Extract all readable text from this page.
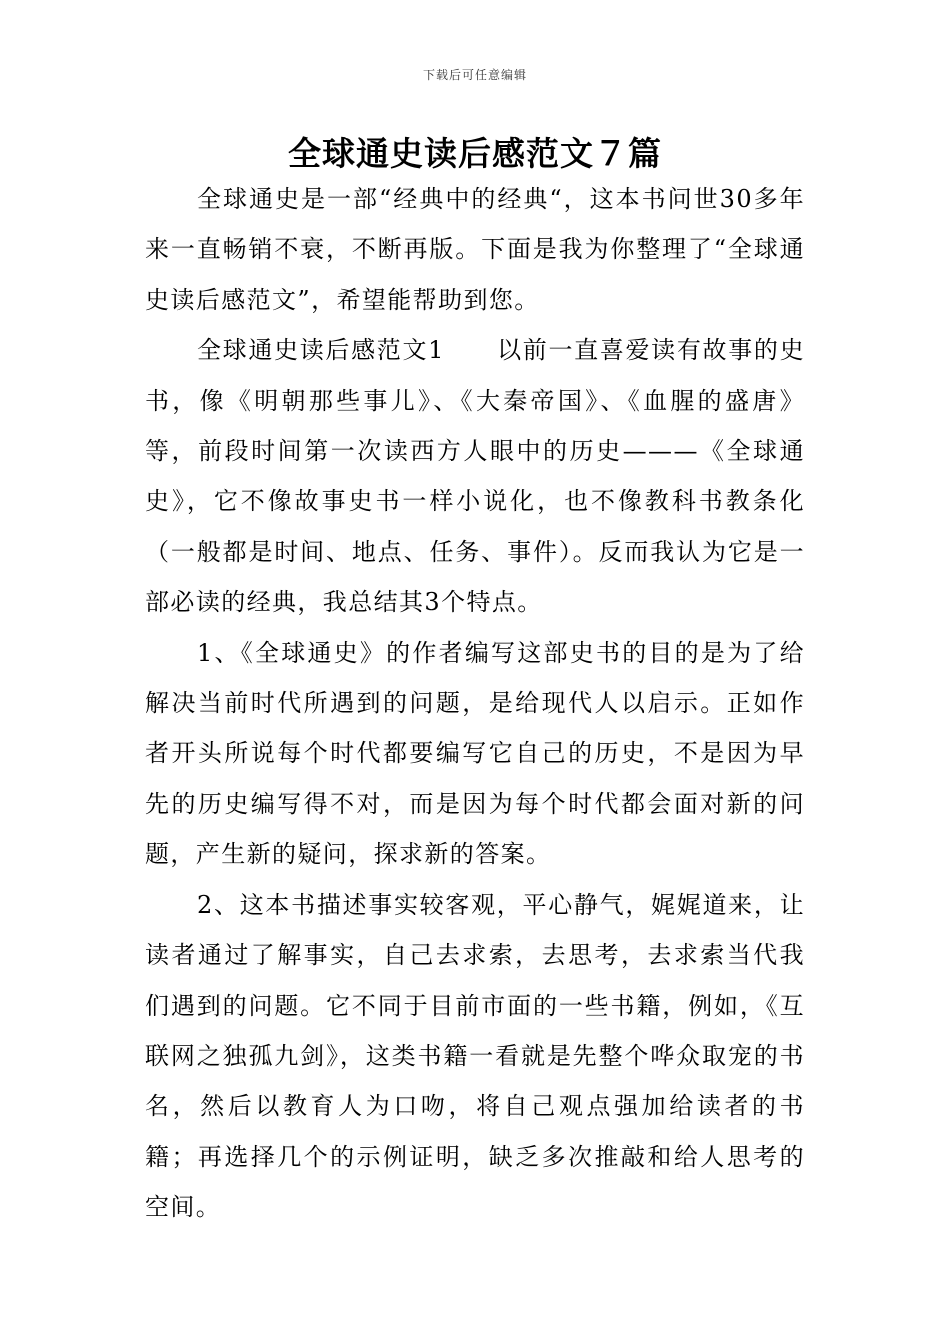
下载后可任意编辑
全球通史读后感范文７篇

全球通史是一部“经典中的经典“，这本书问世30多年来一直畅销不衰，不断再版。下面是我为你整理了“全球通史读后感范文”，希望能帮助到您。

全球通史读后感范文1 以前一直喜爱读有故事的史书，像《明朝那些事儿》、《大秦帝国》、《血腥的盛唐》等，前段时间第一次读西方人眼中的历史———《全球通史》，它不像故事史书一样小说化，也不像教科书教条化（一般都是时间、地点、任务、事件）。反而我认为它是一部必读的经典，我总结其3个特点。

1、《全球通史》的作者编写这部史书的目的是为了给解决当前时代所遇到的问题，是给现代人以启示。正如作者开头所说每个时代都要编写它自己的历史，不是因为早先的历史编写得不对，而是因为每个时代都会面对新的问题，产生新的疑问，探求新的答案。

2、这本书描述事实较客观，平心静气，娓娓道来，让读者通过了解事实，自己去求索，去思考，去求索当代我们遇到的问题。它不同于目前市面的一些书籍，例如，《互联网之独孤九剑》，这类书籍一看就是先整个哗众取宠的书名，然后以教育人为口吻，将自己观点强加给读者的书籍；再选择几个的示例证明，缺乏多次推敲和给人思考的空间。
